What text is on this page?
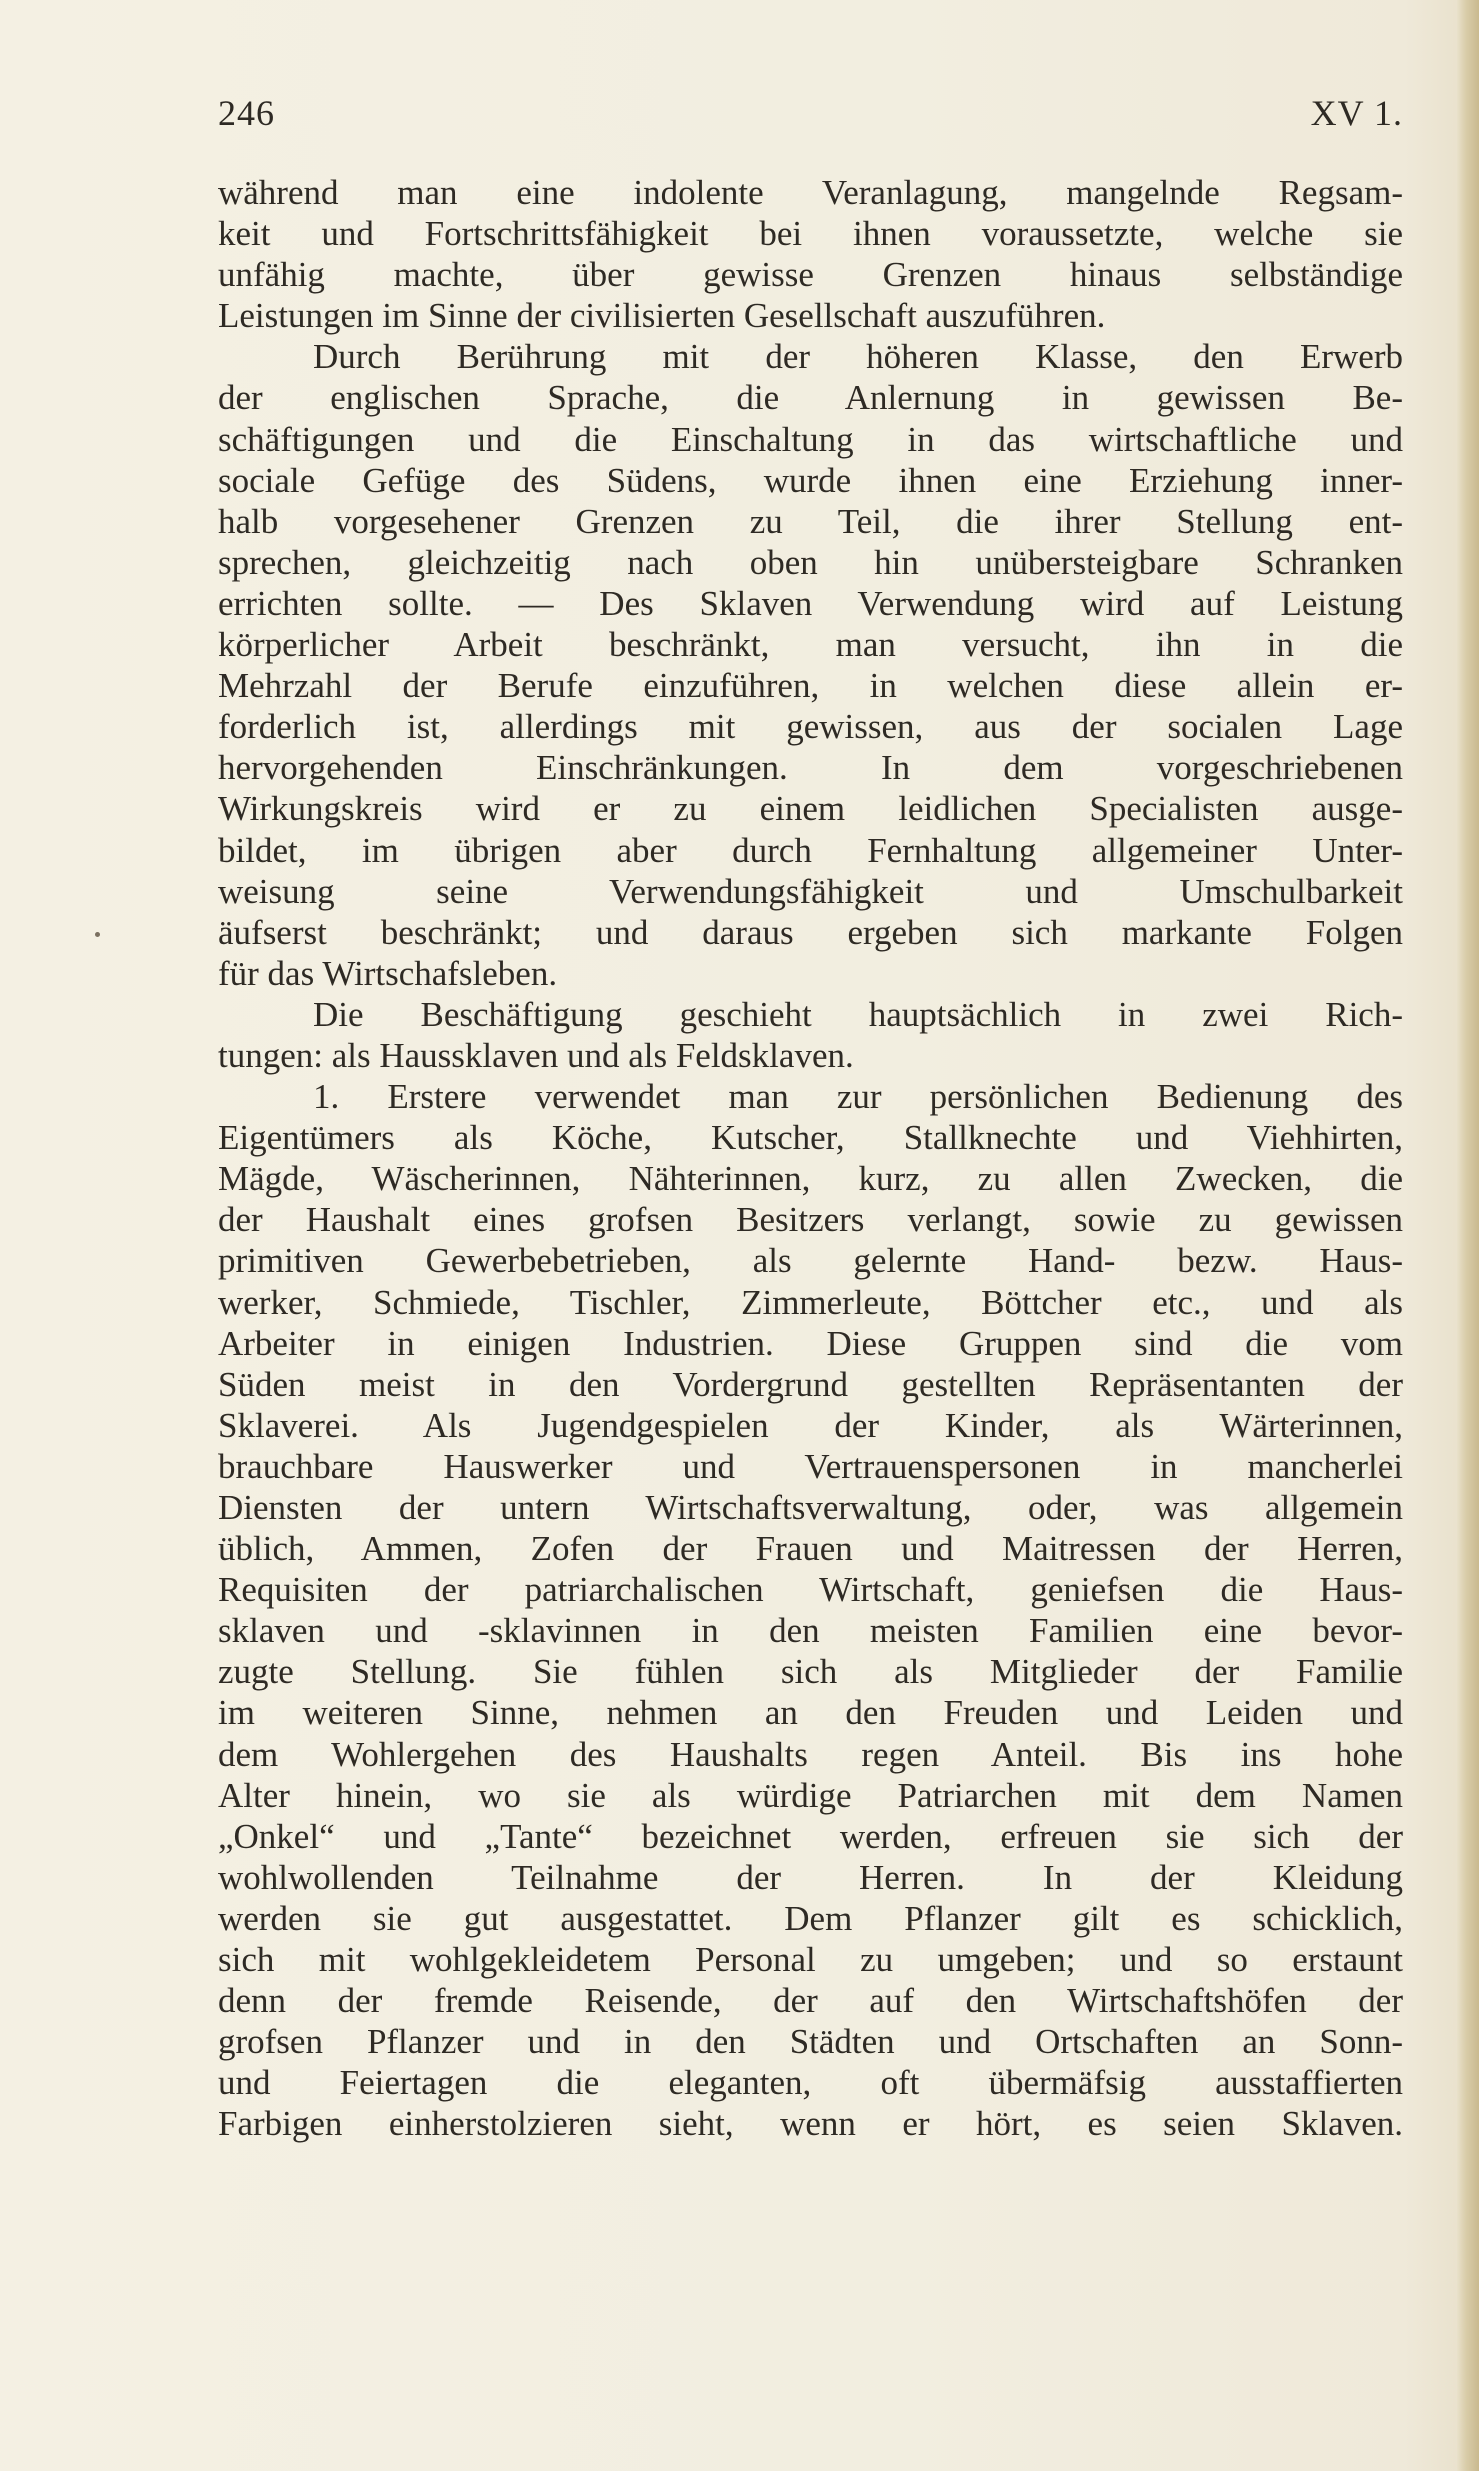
246	XV 1.
während man eine indolente Veranlagung, mangelnde Regsam-
keit und Fortschrittsfähigkeit bei ihnen voraussetzte, welche sie
unfähig machte, über gewisse Grenzen hinaus selbständige
Leistungen im Sinne der civilisierten Gesellschaft auszuführen.
Durch Berührung mit der höheren Klasse, den Erwerb
der englischen Sprache, die Anlernung in gewissen Be-
schäftigungen und die Einschaltung in das wirtschaftliche und
sociale Gefüge des Südens, wurde ihnen eine Erziehung inner-
halb vorgesehener Grenzen zu Teil, die ihrer Stellung ent-
sprechen, gleichzeitig nach oben hin unübersteigbare Schranken
errichten sollte. — Des Sklaven Verwendung wird auf Leistung
körperlicher Arbeit beschränkt, man versucht, ihn in die
Mehrzahl der Berufe einzuführen, in welchen diese allein er-
forderlich ist, allerdings mit gewissen, aus der socialen Lage
hervorgehenden Einschränkungen. In dem vorgeschriebenen
Wirkungskreis wird er zu einem leidlichen Specialisten ausge-
bildet, im übrigen aber durch Fernhaltung allgemeiner Unter-
weisung seine Verwendungsfähigkeit und Umschulbarkeit
äufserst beschränkt; und daraus ergeben sich markante Folgen
für das Wirtschafsleben.
Die Beschäftigung geschieht hauptsächlich in zwei Rich-
tungen: als Haussklaven und als Feldsklaven.
1. Erstere verwendet man zur persönlichen Bedienung des
Eigentümers als Köche, Kutscher, Stallknechte und Viehhirten,
Mägde, Wäscherinnen, Nähterinnen, kurz, zu allen Zwecken, die
der Haushalt eines grofsen Besitzers verlangt, sowie zu gewissen
primitiven Gewerbebetrieben, als gelernte Hand- bezw. Haus-
werker, Schmiede, Tischler, Zimmerleute, Böttcher etc., und als
Arbeiter in einigen Industrien. Diese Gruppen sind die vom
Süden meist in den Vordergrund gestellten Repräsentanten der
Sklaverei. Als Jugendgespielen der Kinder, als Wärterinnen,
brauchbare Hauswerker und Vertrauenspersonen in mancherlei
Diensten der untern Wirtschaftsverwaltung, oder, was allgemein
üblich, Ammen, Zofen der Frauen und Maitressen der Herren,
Requisiten der patriarchalischen Wirtschaft, geniefsen die Haus-
sklaven und -sklavinnen in den meisten Familien eine bevor-
zugte Stellung. Sie fühlen sich als Mitglieder der Familie
im weiteren Sinne, nehmen an den Freuden und Leiden und
dem Wohlergehen des Haushalts regen Anteil. Bis ins hohe
Alter hinein, wo sie als würdige Patriarchen mit dem Namen
„Onkel“ und „Tante“ bezeichnet werden, erfreuen sie sich der
wohlwollenden Teilnahme der Herren. In der Kleidung
werden sie gut ausgestattet. Dem Pflanzer gilt es schicklich,
sich mit wohlgekleidetem Personal zu umgeben; und so erstaunt
denn der fremde Reisende, der auf den Wirtschaftshöfen der
grofsen Pflanzer und in den Städten und Ortschaften an Sonn-
und Feiertagen die eleganten, oft übermäfsig ausstaffierten
Farbigen einherstolzieren sieht, wenn er hört, es seien Sklaven.
